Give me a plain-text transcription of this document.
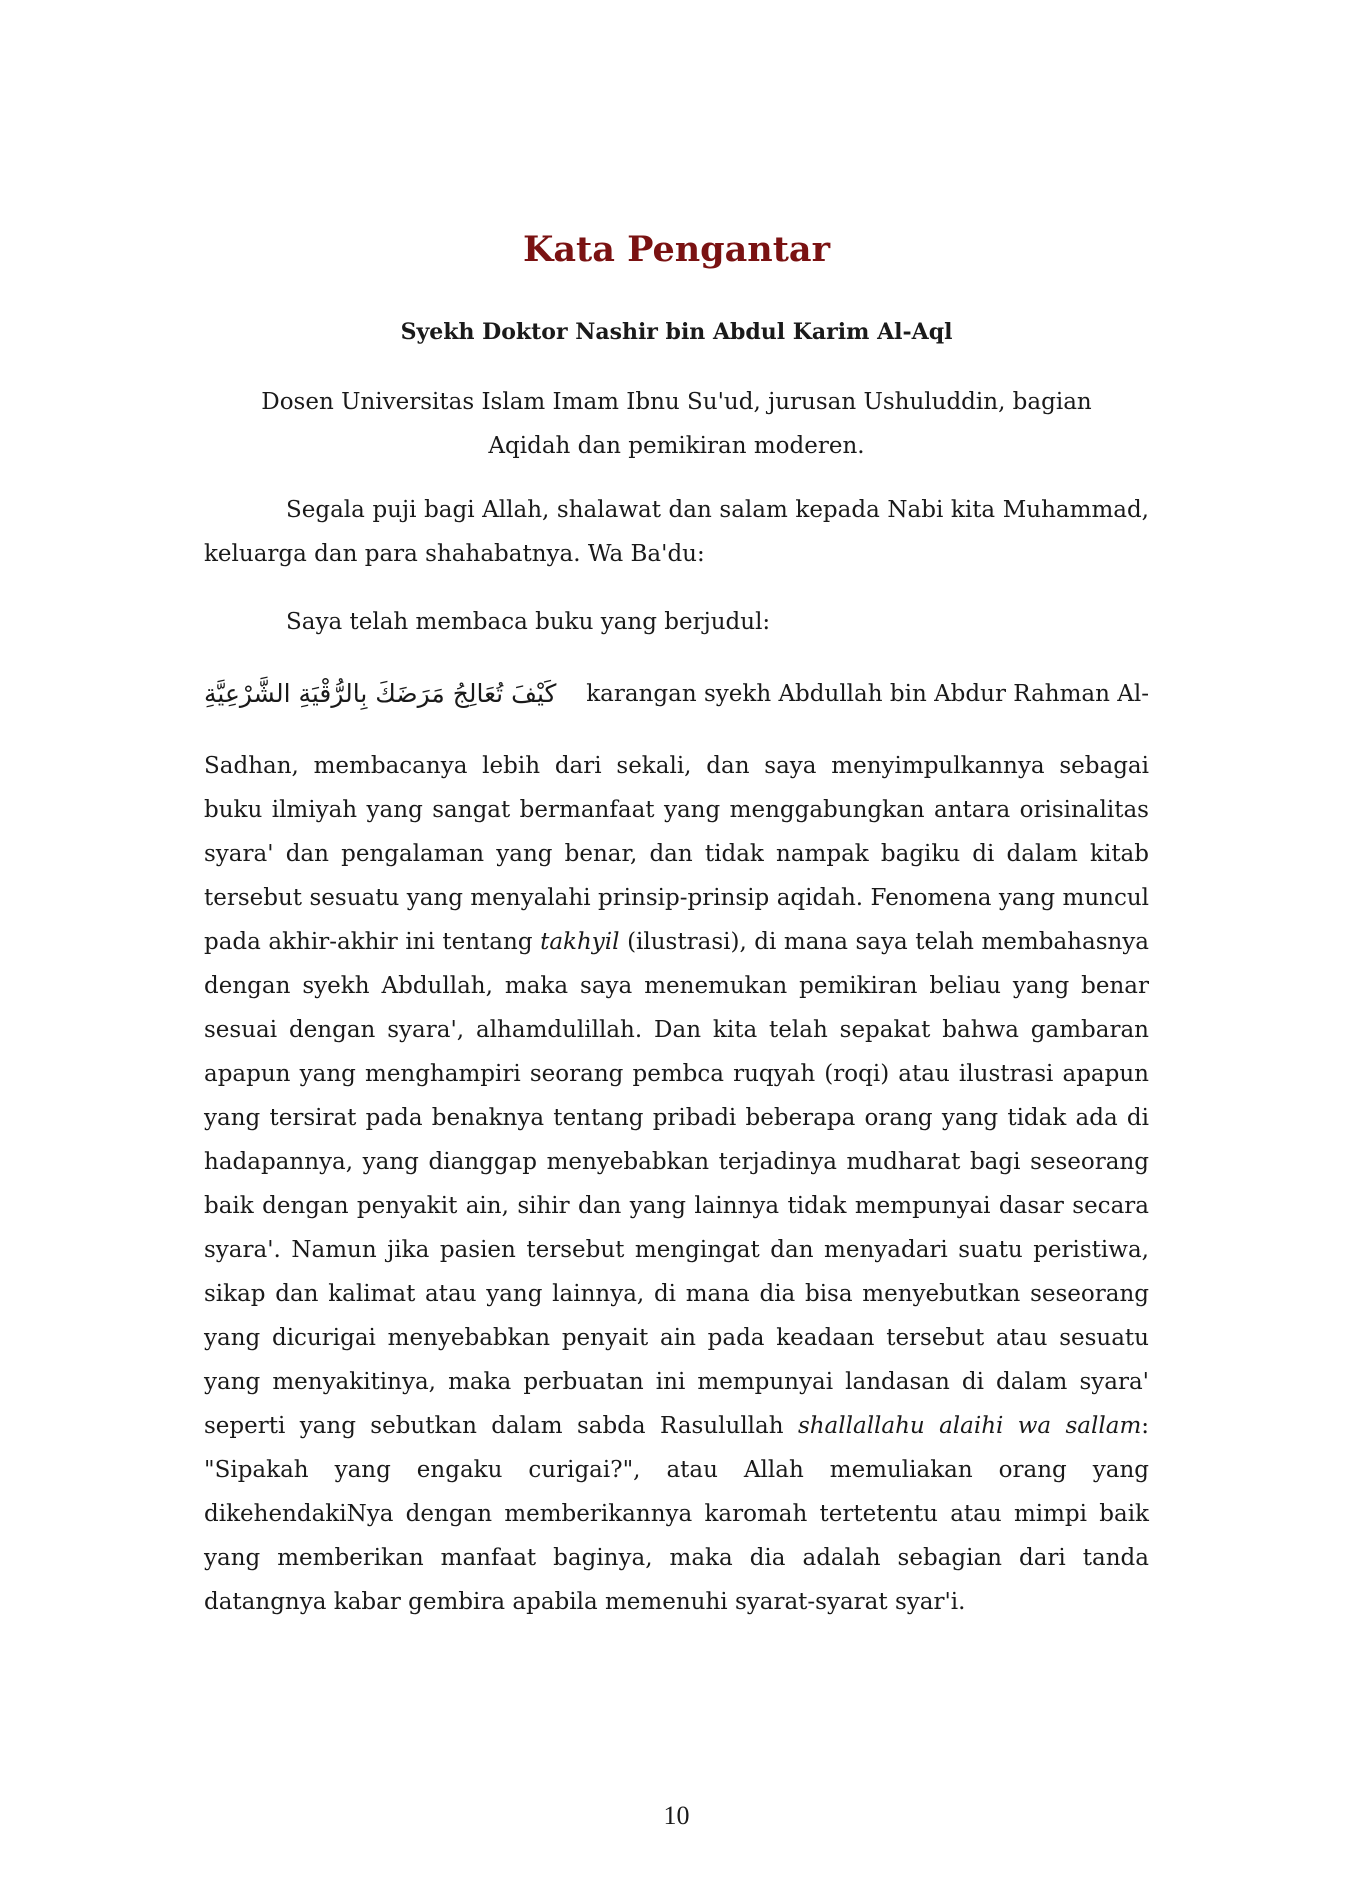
Kata Pengantar

Syekh Doktor Nashir bin Abdul Karim Al-Aql

Dosen Universitas Islam Imam Ibnu Su'ud, jurusan Ushuluddin, bagian
Aqidah dan pemikiran moderen.

Segala puji bagi Allah, shalawat dan salam kepada Nabi kita Muhammad, keluarga dan para shahabatnya. Wa Ba'du:

Saya telah membaca buku yang berjudul:

كَيْفَ تُعَالِجُ مَرَضَكَ بِالرُّقْيَةِ الشَّرْعِيَّةِ karangan syekh Abdullah bin Abdur Rahman Al-

Sadhan, membacanya lebih dari sekali, dan saya menyimpulkannya sebagai buku ilmiyah yang sangat bermanfaat yang menggabungkan antara orisinalitas syara' dan pengalaman yang benar, dan tidak nampak bagiku di dalam kitab tersebut sesuatu yang menyalahi prinsip-prinsip aqidah. Fenomena yang muncul pada akhir-akhir ini tentang takhyil (ilustrasi), di mana saya telah membahasnya dengan syekh Abdullah, maka saya menemukan pemikiran beliau yang benar sesuai dengan syara', alhamdulillah. Dan kita telah sepakat bahwa gambaran apapun yang menghampiri seorang pembca ruqyah (roqi) atau ilustrasi apapun yang tersirat pada benaknya tentang pribadi beberapa orang yang tidak ada di hadapannya, yang dianggap menyebabkan terjadinya mudharat bagi seseorang baik dengan penyakit ain, sihir dan yang lainnya tidak mempunyai dasar secara syara'. Namun jika pasien tersebut mengingat dan menyadari suatu peristiwa, sikap dan kalimat atau yang lainnya, di mana dia bisa menyebutkan seseorang yang dicurigai menyebabkan penyait ain pada keadaan tersebut atau sesuatu yang menyakitinya, maka perbuatan ini mempunyai landasan di dalam syara' seperti yang sebutkan dalam sabda Rasulullah shallallahu alaihi wa sallam: "Sipakah yang engaku curigai?", atau Allah memuliakan orang yang dikehendakiNya dengan memberikannya karomah tertetentu atau mimpi baik yang memberikan manfaat baginya, maka dia adalah sebagian dari tanda datangnya kabar gembira apabila memenuhi syarat-syarat syar'i.

10
